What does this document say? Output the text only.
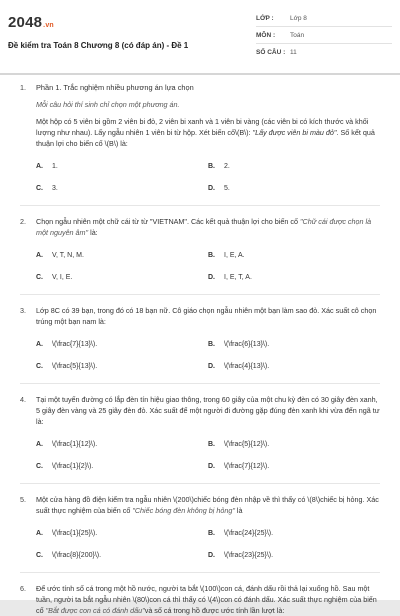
2048.vn
Đề kiểm tra Toán 8 Chương 8 (có đáp án) - Đề 1
LỚP :	Lớp 8
MÔN :	Toán
SỐ CÂU : 11
1. Phần 1. Trắc nghiệm nhiều phương án lựa chọn
Mỗi câu hỏi thí sinh chỉ chọn một phương án.
Một hộp có 5 viên bi gồm 2 viên bi đỏ, 2 viên bi xanh và 1 viên bi vàng (các viên bi có kích thước và khối lượng như nhau). Lấy ngẫu nhiên 1 viên bi từ hộp. Xét biến cố\(B\): "Lấy được viên bi màu đỏ". Số kết quả thuận lợi cho biến cố \(B\) là:
A.	1.	B.	2.
C.	3.	D.	5.
2. Chọn ngẫu nhiên một chữ cái từ từ "VIETNAM". Các kết quả thuận lợi cho biến cố "Chữ cái được chọn là một nguyên âm" là:
A.	V, T, N, M.	B.	I, E, A.
C.	V, I, E.	D.	I, E, T, A.
3. Lớp 8C có 39 bạn, trong đó có 18 bạn nữ. Cô giáo chọn ngẫu nhiên một bạn làm sao đỏ. Xác suất cô chọn trúng một bạn nam là:
A.	\(\frac{7}{13}\).	B.	\(\frac{6}{13}\).
C.	\(\frac{5}{13}\).	D.	\(\frac{4}{13}\).
4. Tại một tuyến đường có lắp đèn tín hiệu giao thông, trong 60 giây của một chu kỳ đèn có 30 giây đèn xanh, 5 giây đèn vàng và 25 giây đèn đỏ. Xác suất để một người đi đường gặp đúng đèn xanh khi vừa đến ngã tư là:
A.	\(\frac{1}{12}\).	B.	\(\frac{5}{12}\).
C.	\(\frac{1}{2}\).	D.	\(\frac{7}{12}\).
5. Một cửa hàng đồ điện kiểm tra ngẫu nhiên \(200\)chiếc bóng đèn nhập về thì thấy có \(8\)chiếc bị hỏng. Xác suất thực nghiệm của biến cố "Chiếc bóng đèn không bị hỏng" là
A.	\(\frac{1}{25}\).	B.	\(\frac{24}{25}\).
C.	\(\frac{8}{200}\).	D.	\(\frac{23}{25}\).
6. Để ước tính số cá trong một hồ nước, người ta bắt \(100\)con cá, đánh dấu rồi thả lại xuống hồ. Sau một tuần, người ta bắt ngẫu nhiên \(80\)con cá thì thấy có \(4\)con có đánh dấu. Xác suất thực nghiệm của biến cố "Bắt được con cá có đánh dấu"và số cá trong hồ được ước tính lần lượt là:
